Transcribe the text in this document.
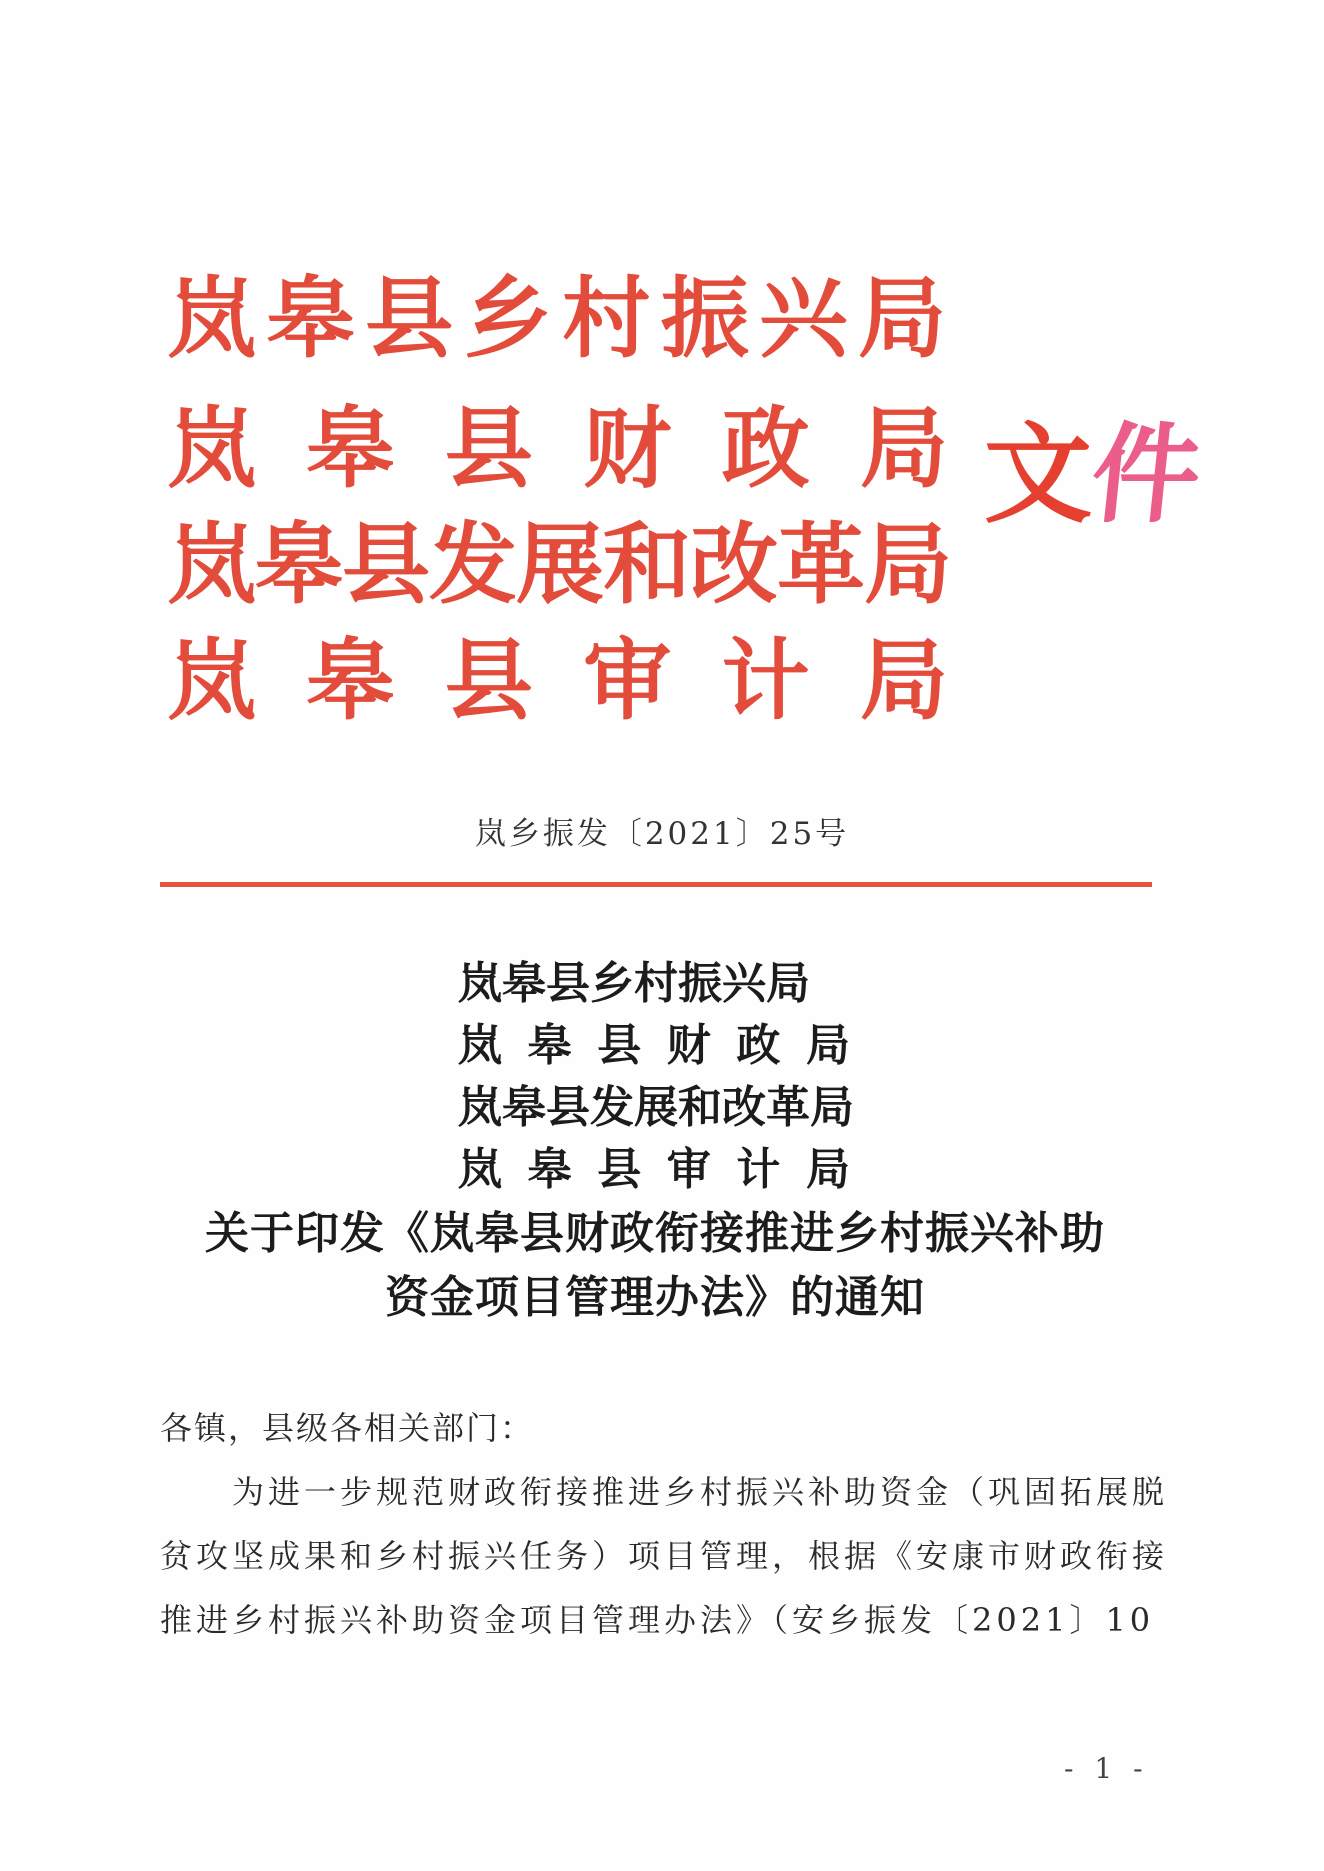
岚皋县乡村振兴局
岚皋县财政局
岚皋县发展和改革局
岚皋县审计局
文件
岚乡振发〔2021〕25号
岚皋县乡村振兴局
岚皋县财政局
岚皋县发展和改革局
岚皋县审计局
关于印发《岚皋县财政衔接推进乡村振兴补助
资金项目管理办法》的通知
各镇，县级各相关部门：
为进一步规范财政衔接推进乡村振兴补助资金（巩固拓展脱
贫攻坚成果和乡村振兴任务）项目管理，根据《安康市财政衔接
推进乡村振兴补助资金项目管理办法》（安乡振发〔2021〕10
- 1 -
